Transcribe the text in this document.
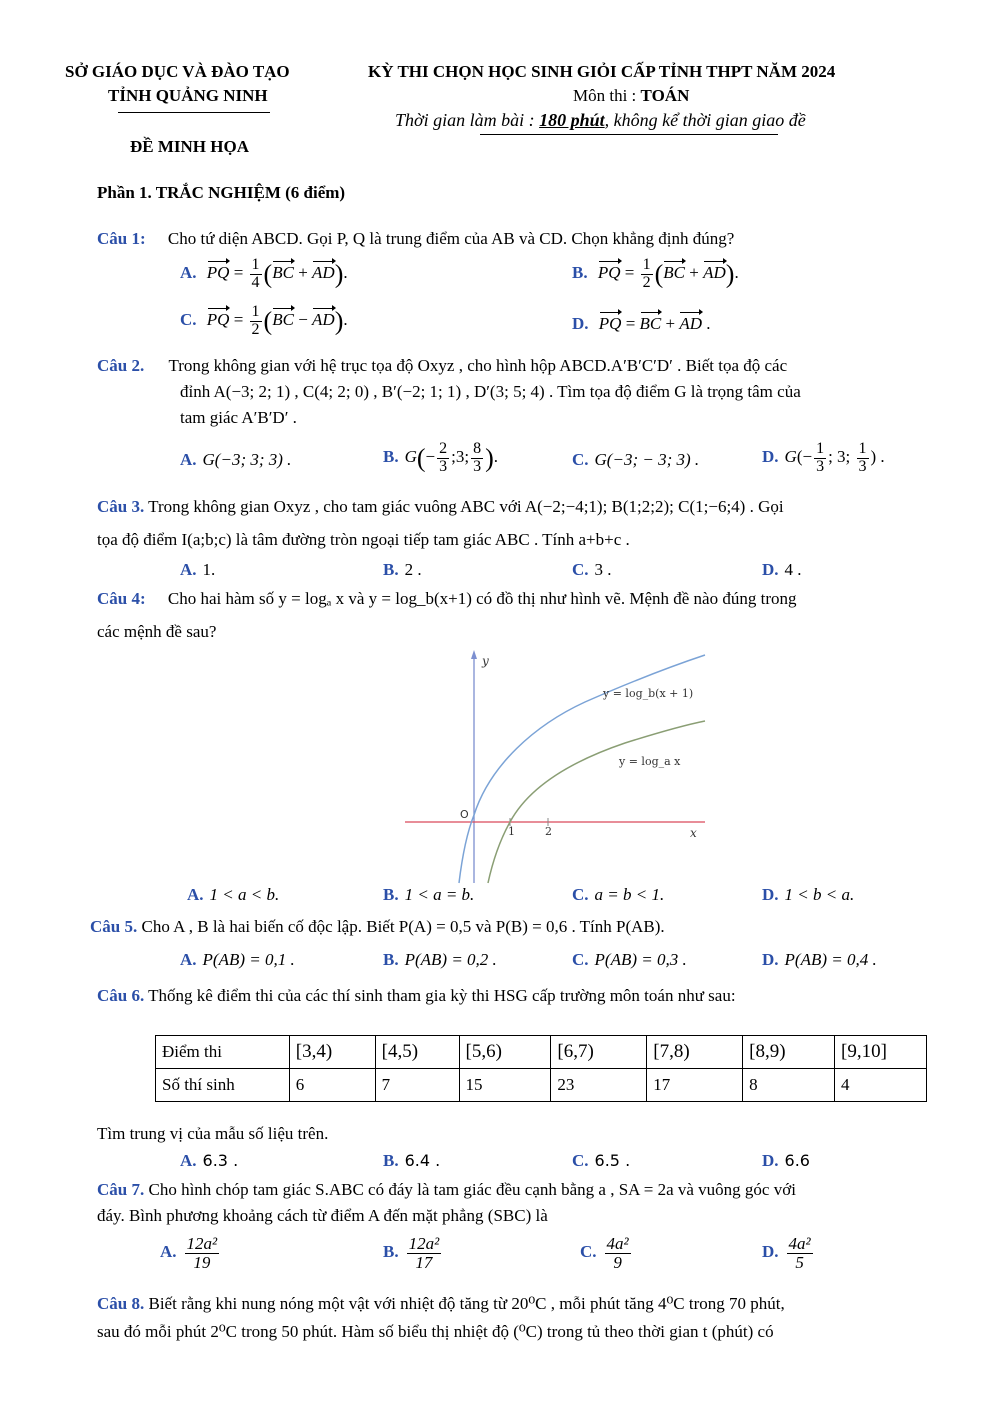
SỞ GIÁO DỤC VÀ ĐÀO TẠO
TỈNH QUẢNG NINH
KỲ THI CHỌN HỌC SINH GIỎI CẤP TỈNH THPT NĂM 2024
Môn thi : TOÁN
Thời gian làm bài : 180 phút, không kể thời gian giao đề
ĐỀ MINH HỌA
Phần 1. TRẮC NGHIỆM (6 điểm)
Câu 1: Cho tứ diện ABCD. Gọi P, Q là trung điểm của AB và CD. Chọn khẳng định đúng?
A. PQ = $\frac{1}{4} (BC + AD)$.	B. PQ = $\frac{1}{2} (BC + AD)$.
C. PQ = $\frac{1}{2} (BC - AD)$.	D. PQ = BC + AD .
Câu 2. Trong không gian với hệ trục tọa độ Oxyz , cho hình hộp ABCD.A′B′C′D′ . Biết tọa độ các
đỉnh A(−3; 2; 1) , C(4; 2; 0) , B′(−2; 1; 1) , D′(3; 5; 4) . Tìm tọa độ điểm G là trọng tâm của
tam giác A′B′D′ .
A. G(−3; 3; 3) .	B. $G(- \frac{2}{3}$ ;3; $\frac{8}{3}$ ).	C. G(−3; − 3; 3) .	D. $G(- \frac{1}{3}$ ; 3; $\frac{1}{3}$ ) .
Câu 3. Trong không gian Oxyz , cho tam giác vuông ABC với A(−2;−4;1); B(1;2;2); C(1;−6;4) . Gọi
tọa độ điểm I(a;b;c) là tâm đường tròn ngoại tiếp tam giác ABC . Tính a+b+c .
A. 1.	B. 2 .	C. 3 .	D. 4 .
Câu 4: Cho hai hàm số y = logₐ x và y = log_b(x+1) có đồ thị như hình vẽ. Mệnh đề nào đúng trong
các mệnh đề sau?
y
x
O
1	2
y = log_b(x + 1)
y = log_a x
A. 1 < a < b.	B. 1 < a = b.	C. a = b < 1.	D. 1 < b < a.
Câu 5. Cho A , B là hai biến cố độc lập. Biết P(A) = 0,5 và P(B) = 0,6 . Tính P(AB).
A. P(AB) = 0,1 .	B. P(AB) = 0,2 .	C. P(AB) = 0,3 .	D. P(AB) = 0,4 .
Câu 6. Thống kê điểm thi của các thí sinh tham gia kỳ thi HSG cấp trường môn toán như sau:
Điểm thi	[3,4)	[4,5)	[5,6)	[6,7)	[7,8)	[8,9)	[9,10]
Số thí sinh	6	7	15	23	17	8	4
Tìm trung vị của mẫu số liệu trên.
A. 6.3 .	B. 6.4 .	C. 6.5 .	D. 6.6
Câu 7. Cho hình chóp tam giác S.ABC có đáy là tam giác đều cạnh bằng a , SA = 2a và vuông góc với
đáy. Bình phương khoảng cách từ điểm A đến mặt phẳng (SBC) là
A. $\frac{\text{12a²}}{19}$	B. $\frac{\text{12a²}}{17}$	C. $\frac{\text{4a²}}{9}$	D. $\frac{\text{4a²}}{5}$
Câu 8. Biết rằng khi nung nóng một vật với nhiệt độ tăng từ 20⁰C , mỗi phút tăng 4⁰C trong 70 phút,
sau đó mỗi phút 2⁰C trong 50 phút. Hàm số biểu thị nhiệt độ (⁰C) trong tủ theo thời gian t (phút) có
